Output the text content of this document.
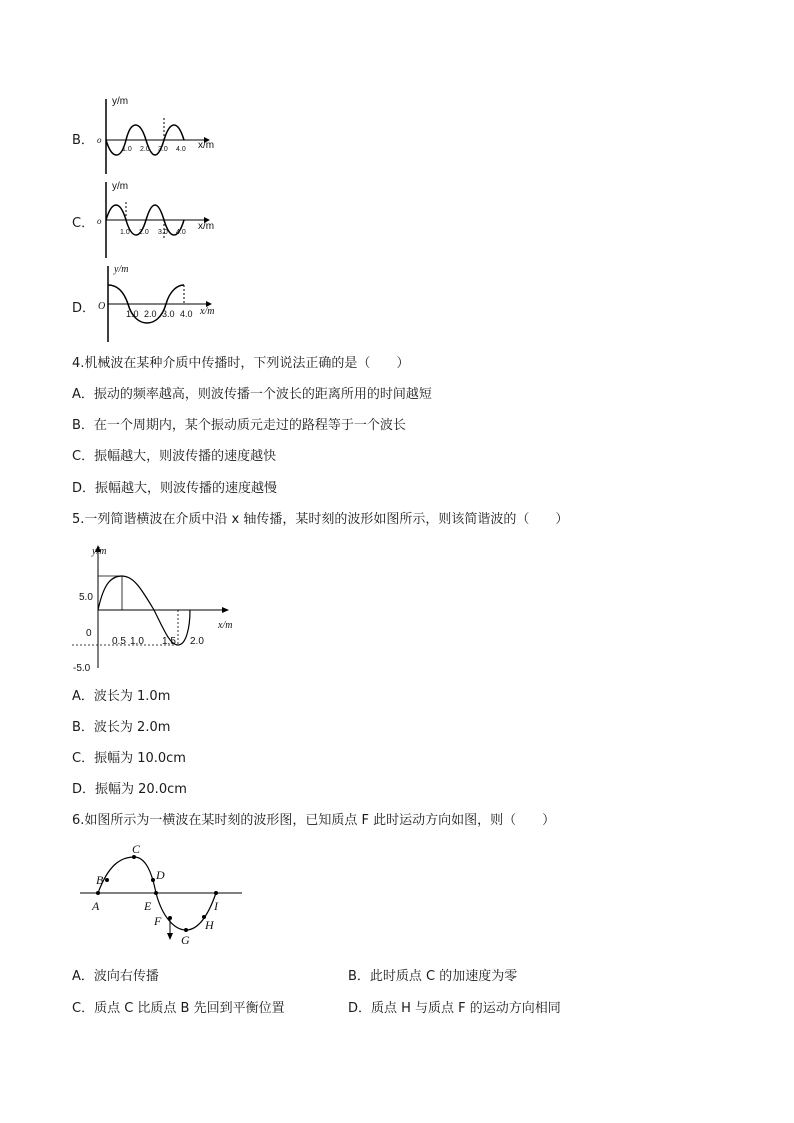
B．
y/m
x/m
o
1.0 2.0 3.0 4.0
C．
y/m
x/m
o
1.0 2.0 3.0 4.0
D．
y/m
x/m
O
1.0 2.0 3.0 4.0
4.机械波在某种介质中传播时，下列说法正确的是（　　）
A．振动的频率越高，则波传播一个波长的距离所用的时间越短
B．在一个周期内，某个振动质元走过的路程等于一个波长
C．振幅越大，则波传播的速度越快
D．振幅越大，则波传播的速度越慢
5.一列简谐横波在介质中沿 x 轴传播，某时刻的波形如图所示，则该简谐波的（　　）
y/m
x/m
5.0
0
-5.0
0.5 1.0 1.5 2.0
A．波长为 1.0m
B．波长为 2.0m
C．振幅为 10.0cm
D．振幅为 20.0cm
6.如图所示为一横波在某时刻的波形图，已知质点 F 此时运动方向如图，则（　　）
A
B
C
D
E
F
G
H
I
A．波向右传播	B．此时质点 C 的加速度为零
C．质点 C 比质点 B 先回到平衡位置	D．质点 H 与质点 F 的运动方向相同
